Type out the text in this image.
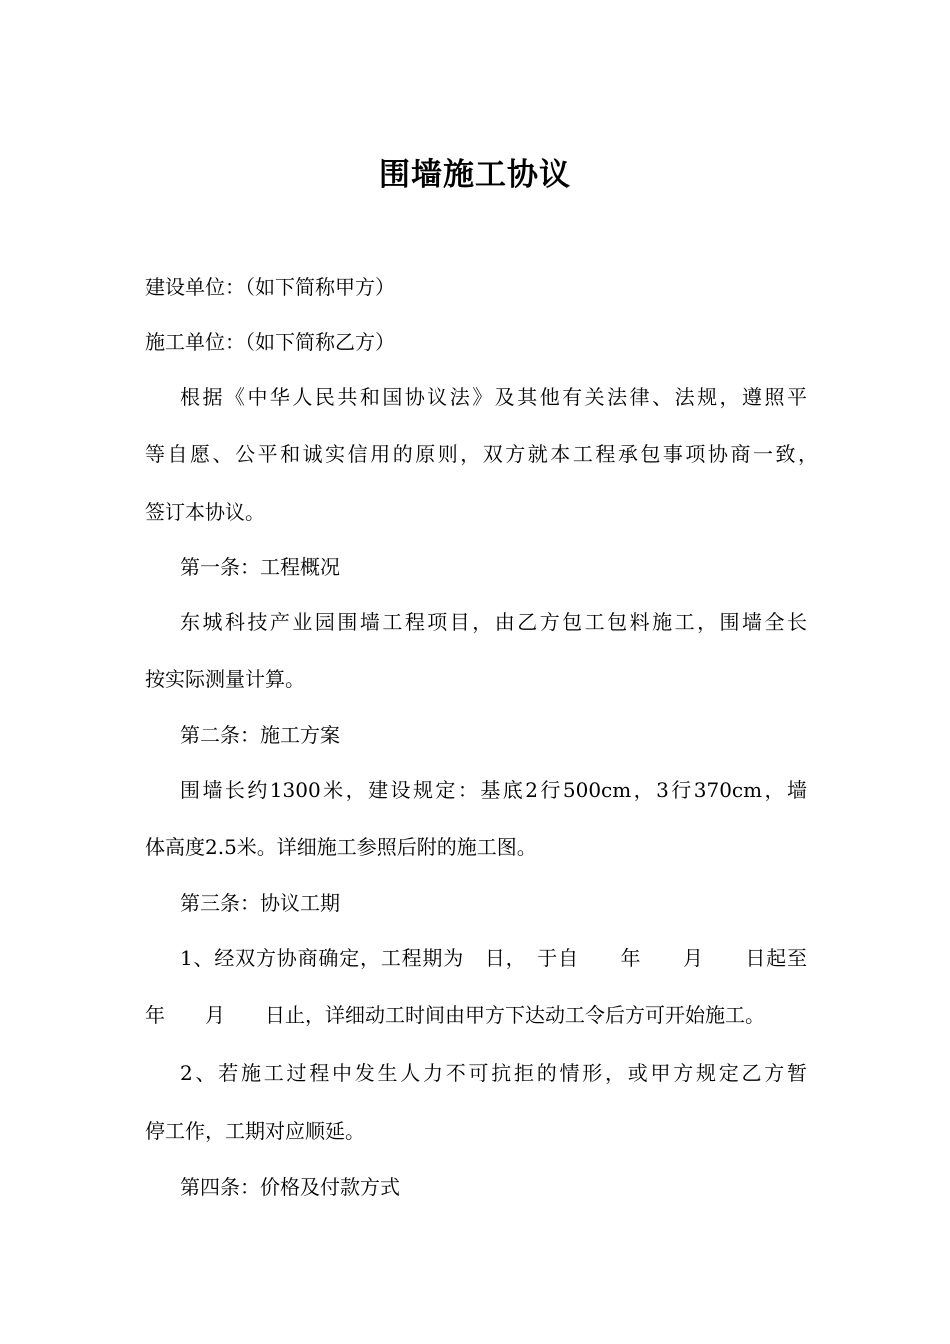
围墙施工协议
建设单位：（如下简称甲方）
施工单位：（如下简称乙方）
根据《中华人民共和国协议法》及其他有关法律、法规，遵照平
等自愿、公平和诚实信用的原则，双方就本工程承包事项协商一致，
签订本协议。
第一条：工程概况
东城科技产业园围墙工程项目，由乙方包工包料施工，围墙全长
按实际测量计算。
第二条：施工方案
围墙长约1300米，建设规定：基底2行500cm，3行370cm，墙
体高度2.5米。详细施工参照后附的施工图。
第三条：协议工期
1、经双方协商确定，工程期为　日，　于自　　年　　月　　日起至
年　　月　　日止，详细动工时间由甲方下达动工令后方可开始施工。
2、若施工过程中发生人力不可抗拒的情形，或甲方规定乙方暂
停工作，工期对应顺延。
第四条：价格及付款方式
